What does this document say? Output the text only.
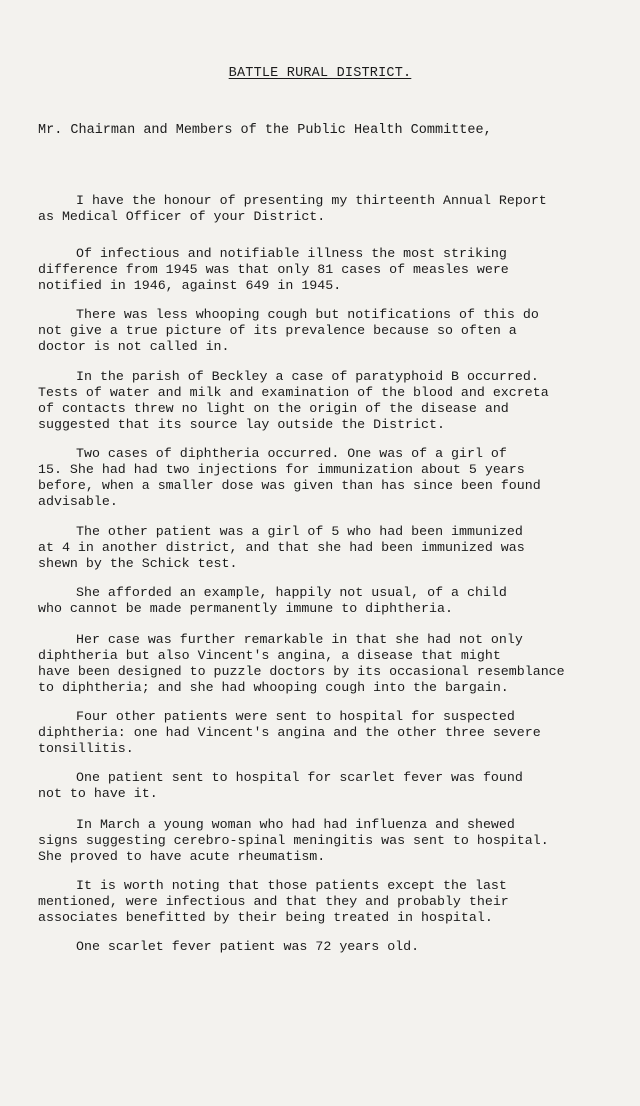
BATTLE RURAL DISTRICT.
Mr. Chairman and Members of the Public Health Committee,
I have the honour of presenting my thirteenth Annual Report
as Medical Officer of your District.
Of infectious and notifiable illness the most striking
difference from 1945 was that only 81 cases of measles were
notified in 1946, against 649 in 1945.
There was less whooping cough but notifications of this do
not give a true picture of its prevalence because so often a
doctor is not called in.
In the parish of Beckley a case of paratyphoid B occurred.
Tests of water and milk and examination of the blood and excreta
of contacts threw no light on the origin of the disease and
suggested that its source lay outside the District.
Two cases of diphtheria occurred. One was of a girl of
15. She had had two injections for immunization about 5 years
before, when a smaller dose was given than has since been found
advisable.
The other patient was a girl of 5 who had been immunized
at 4 in another district, and that she had been immunized was
shewn by the Schick test.
She afforded an example, happily not usual, of a child
who cannot be made permanently immune to diphtheria.
Her case was further remarkable in that she had not only
diphtheria but also Vincent's angina, a disease that might
have been designed to puzzle doctors by its occasional resemblance
to diphtheria; and she had whooping cough into the bargain.
Four other patients were sent to hospital for suspected
diphtheria: one had Vincent's angina and the other three severe
tonsillitis.
One patient sent to hospital for scarlet fever was found
not to have it.
In March a young woman who had had influenza and shewed
signs suggesting cerebro-spinal meningitis was sent to hospital.
She proved to have acute rheumatism.
It is worth noting that those patients except the last
mentioned, were infectious and that they and probably their
associates benefitted by their being treated in hospital.
One scarlet fever patient was 72 years old.
